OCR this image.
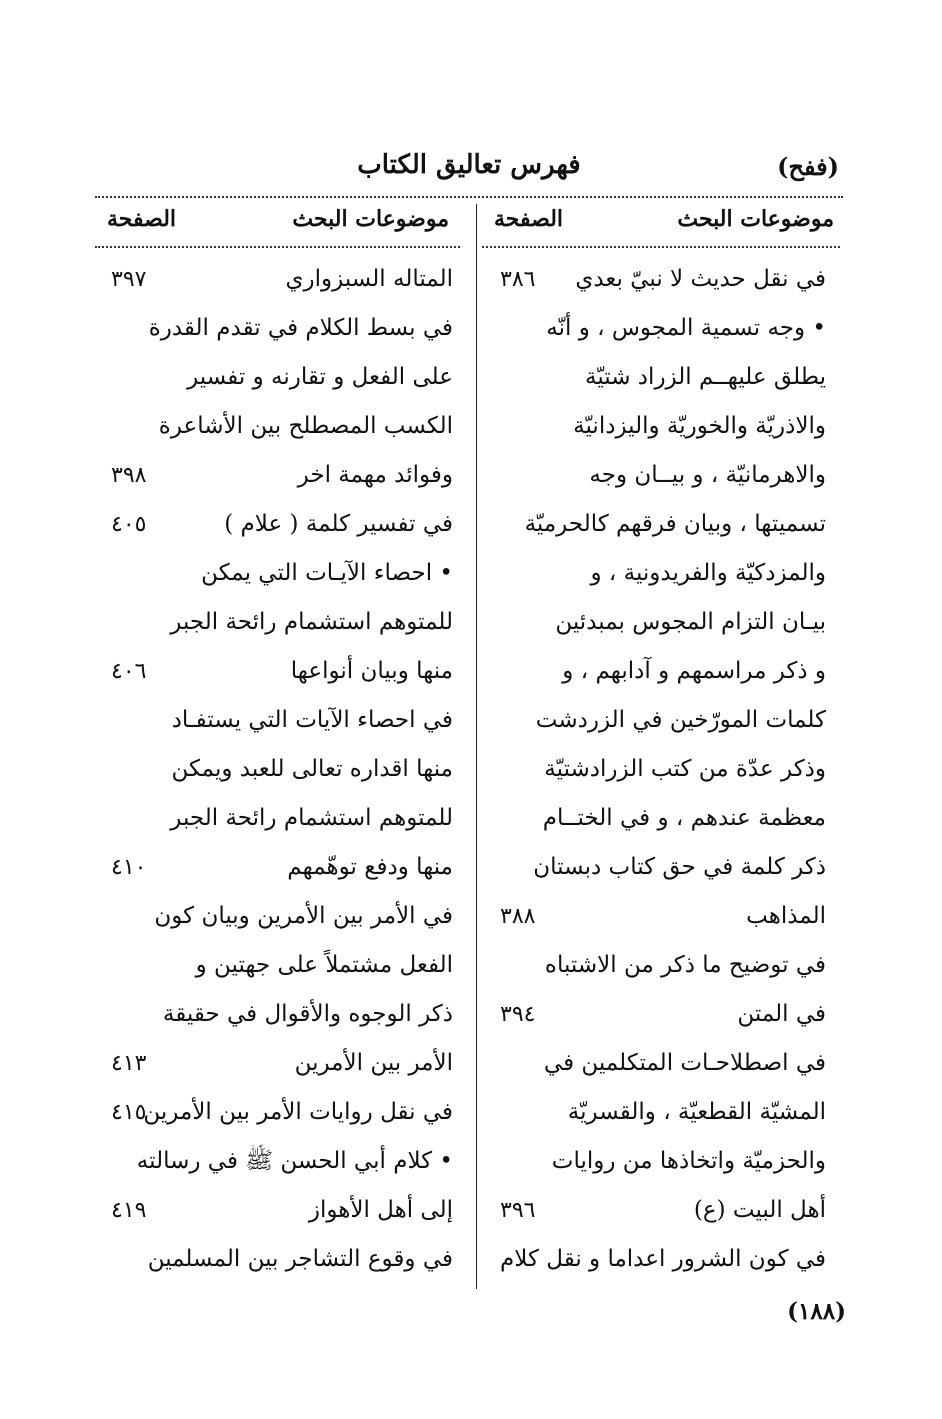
فهرس تعاليق الكتاب	(ففح)
موضوعات البحث
الصفحة
موضوعات البحث
الصفحة
في نقل حديث لا نبيّ بعدي
٣٨٦
• وجه تسمية المجوس ، و أنّه
يطلق عليهــم الزراد شتيّة
والاذريّة والخوريّة واليزدانيّة
والاهرمانيّة ، و بيــان وجه
تسميتها ، وبيان فرقهم كالحرميّة
والمزدكيّة والفريدونية ، و
بيـان التزام المجوس بمبدئين
و ذكر مراسمهم و آدابهم ، و
كلمات المورّخين في الزردشت
وذكر عدّة من كتب الزرادشتيّة
معظمة عندهم ، و في الختــام
ذكر كلمة في حق كتاب دبستان
المذاهب
٣٨٨
في توضيح ما ذكر من الاشتباه
في المتن
٣٩٤
في اصطلاحـات المتكلمين في
المشيّة القطعيّة ، والقسريّة
والحزميّة واتخاذها من روايات
أهل البيت (ع)
٣٩٦
في كون الشرور اعداما و نقل كلام
المتاله السبزواري
٣٩٧
في بسط الكلام في تقدم القدرة
على الفعل و تقارنه و تفسير
الكسب المصطلح بين الأشاعرة
وفوائد مهمة اخر
٣٩٨
في تفسير كلمة ( علام )
٤٠٥
• احصاء الآيـات التي يمكن
للمتوهم استشمام رائحة الجبر
منها وبيان أنواعها
٤٠٦
في احصاء الآيات التي يستفـاد
منها اقداره تعالى للعبد ويمكن
للمتوهم استشمام رائحة الجبر
منها ودفع توهّمهم
٤١٠
في الأمر بين الأمرين وبيان كون
الفعل مشتملاً على جهتين و
ذكر الوجوه والأقوال في حقيقة
الأمر بين الأمرين
٤١٣
في نقل روايات الأمر بين الأمرين
٤١٥
• كلام أبي الحسن ﷺ في رسالته
إلى أهل الأهواز
٤١٩
في وقوع التشاجر بين المسلمين
(١٨٨)
